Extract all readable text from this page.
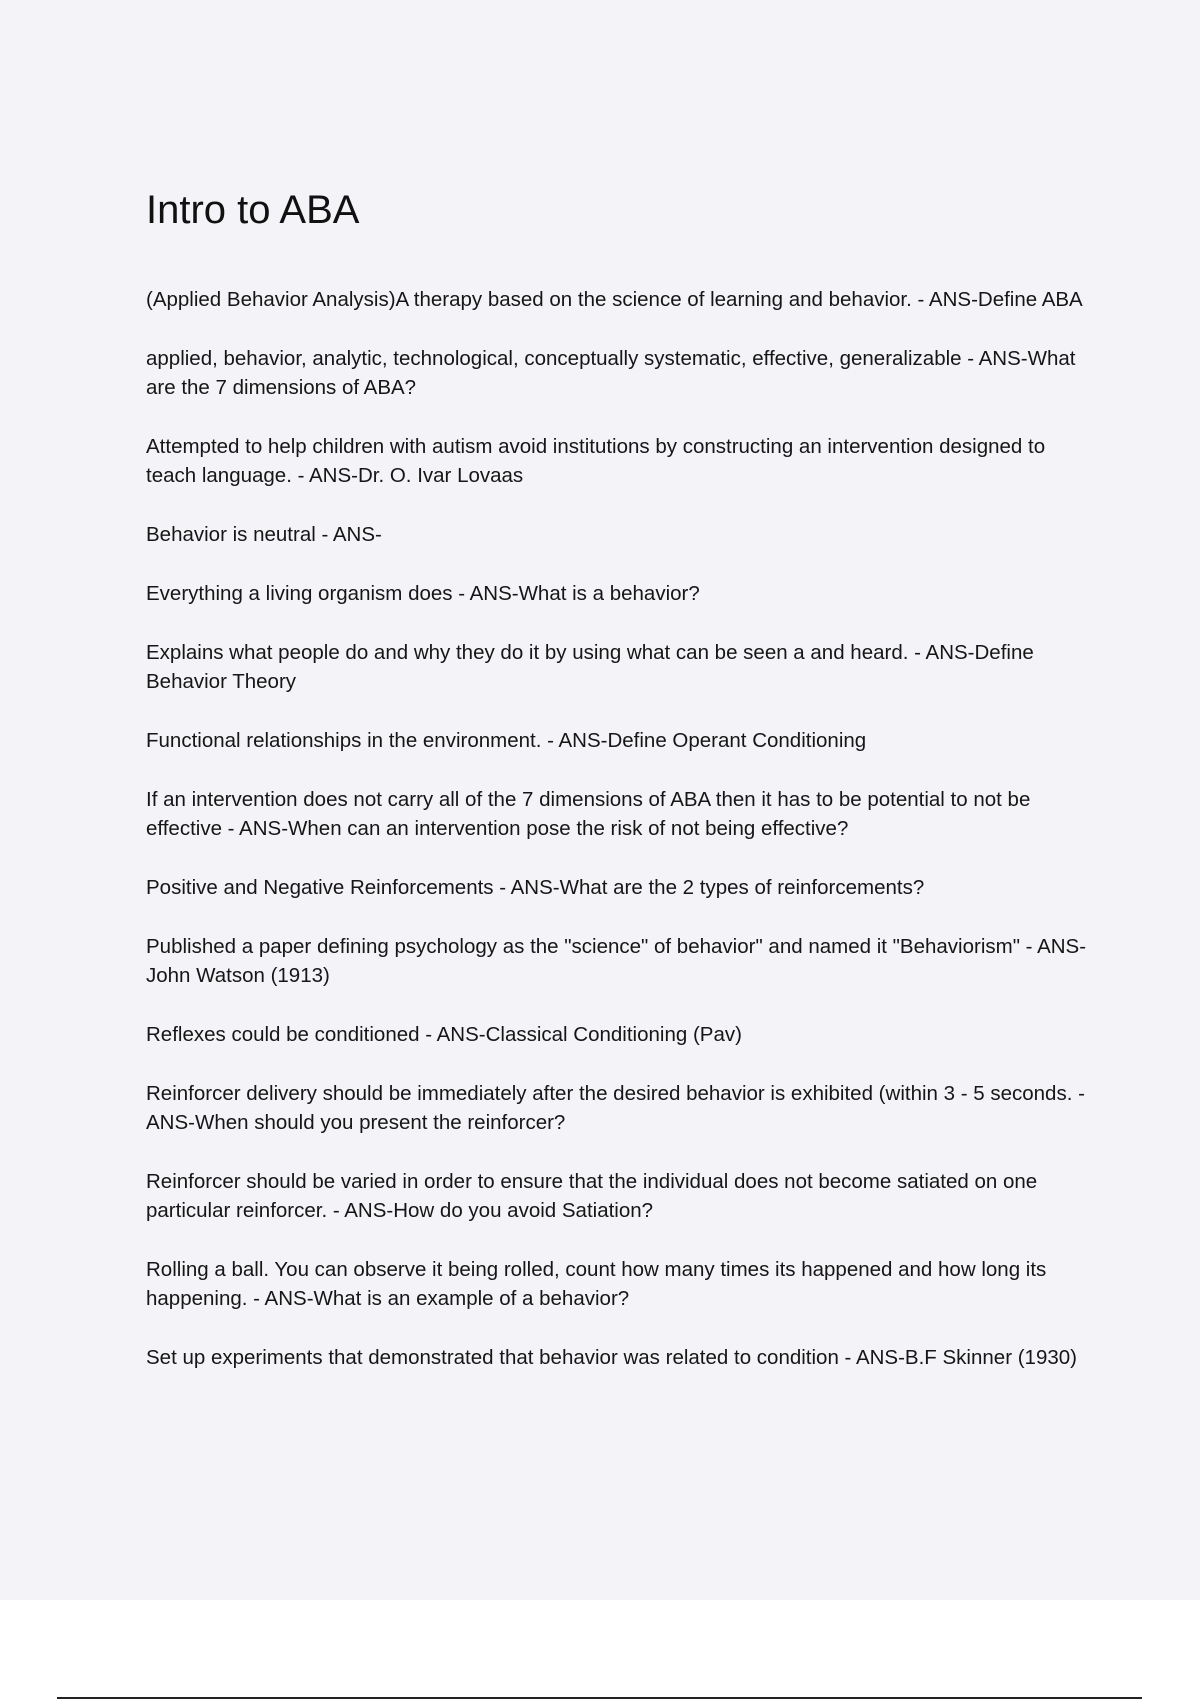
Intro to ABA

(Applied Behavior Analysis)A therapy based on the science of learning and behavior. - ANS-Define ABA

applied, behavior, analytic, technological, conceptually systematic, effective, generalizable - ANS-What are the 7 dimensions of ABA?

Attempted to help children with autism avoid institutions by constructing an intervention designed to teach language. - ANS-Dr. O. Ivar Lovaas

Behavior is neutral - ANS-

Everything a living organism does - ANS-What is a behavior?

Explains what people do and why they do it by using what can be seen a and heard. - ANS-Define Behavior Theory

Functional relationships in the environment. - ANS-Define Operant Conditioning

If an intervention does not carry all of the 7 dimensions of ABA then it has to be potential to not be effective - ANS-When can an intervention pose the risk of not being effective?

Positive and Negative Reinforcements - ANS-What are the 2 types of reinforcements?

Published a paper defining psychology as the "science" of behavior" and named it "Behaviorism" - ANS-John Watson (1913)

Reflexes could be conditioned - ANS-Classical Conditioning (Pav)

Reinforcer delivery should be immediately after the desired behavior is exhibited (within 3 - 5 seconds. - ANS-When should you present the reinforcer?

Reinforcer should be varied in order to ensure that the individual does not become satiated on one particular reinforcer. - ANS-How do you avoid Satiation?

Rolling a ball. You can observe it being rolled, count how many times its happened and how long its happening. - ANS-What is an example of a behavior?

Set up experiments that demonstrated that behavior was related to condition - ANS-B.F Skinner (1930)
